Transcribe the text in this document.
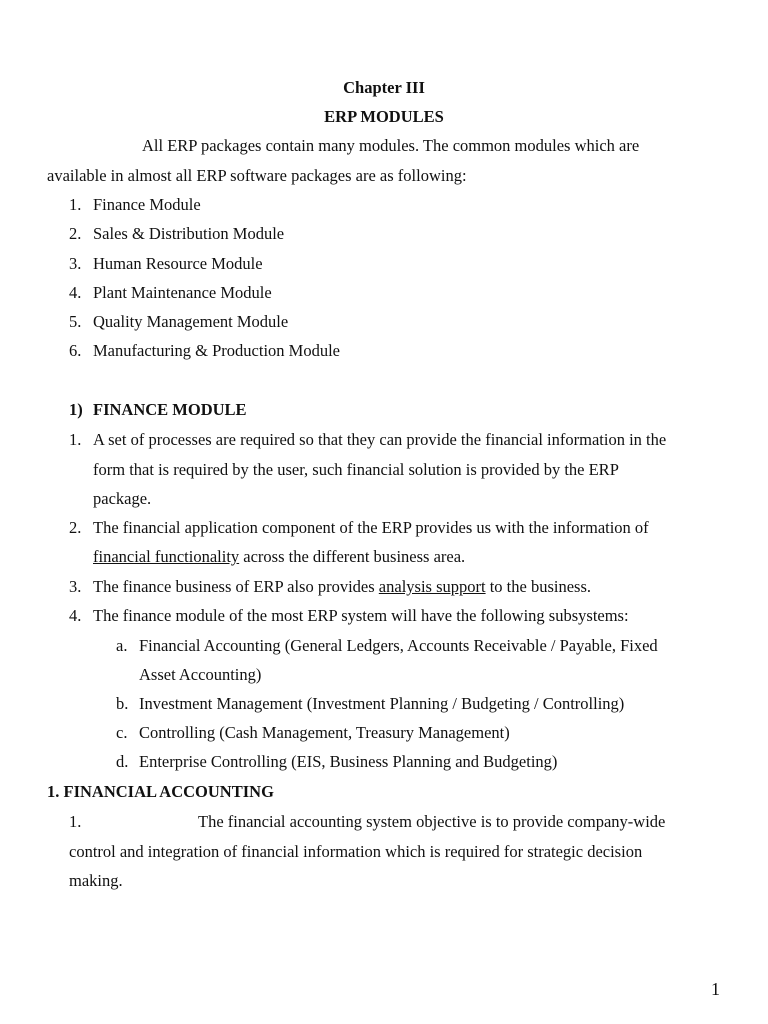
Chapter III
ERP MODULES
All ERP packages contain many modules. The common modules which are
available in almost all ERP software packages are as following:
1. Finance Module
2. Sales & Distribution Module
3. Human Resource Module
4. Plant Maintenance Module
5. Quality Management Module
6. Manufacturing & Production Module
1) FINANCE MODULE
1. A set of processes are required so that they can provide the financial information in the
form that is required by the user, such financial solution is provided by the ERP
package.
2. The financial application component of the ERP provides us with the information of
financial functionality across the different business area.
3. The finance business of ERP also provides analysis support to the business.
4. The finance module of the most ERP system will have the following subsystems:
a. Financial Accounting (General Ledgers, Accounts Receivable / Payable, Fixed
Asset Accounting)
b. Investment Management (Investment Planning / Budgeting / Controlling)
c. Controlling (Cash Management, Treasury Management)
d. Enterprise Controlling (EIS, Business Planning and Budgeting)
1. FINANCIAL ACCOUNTING
1.	The financial accounting system objective is to provide company-wide
control and integration of financial information which is required for strategic decision
making.
1
